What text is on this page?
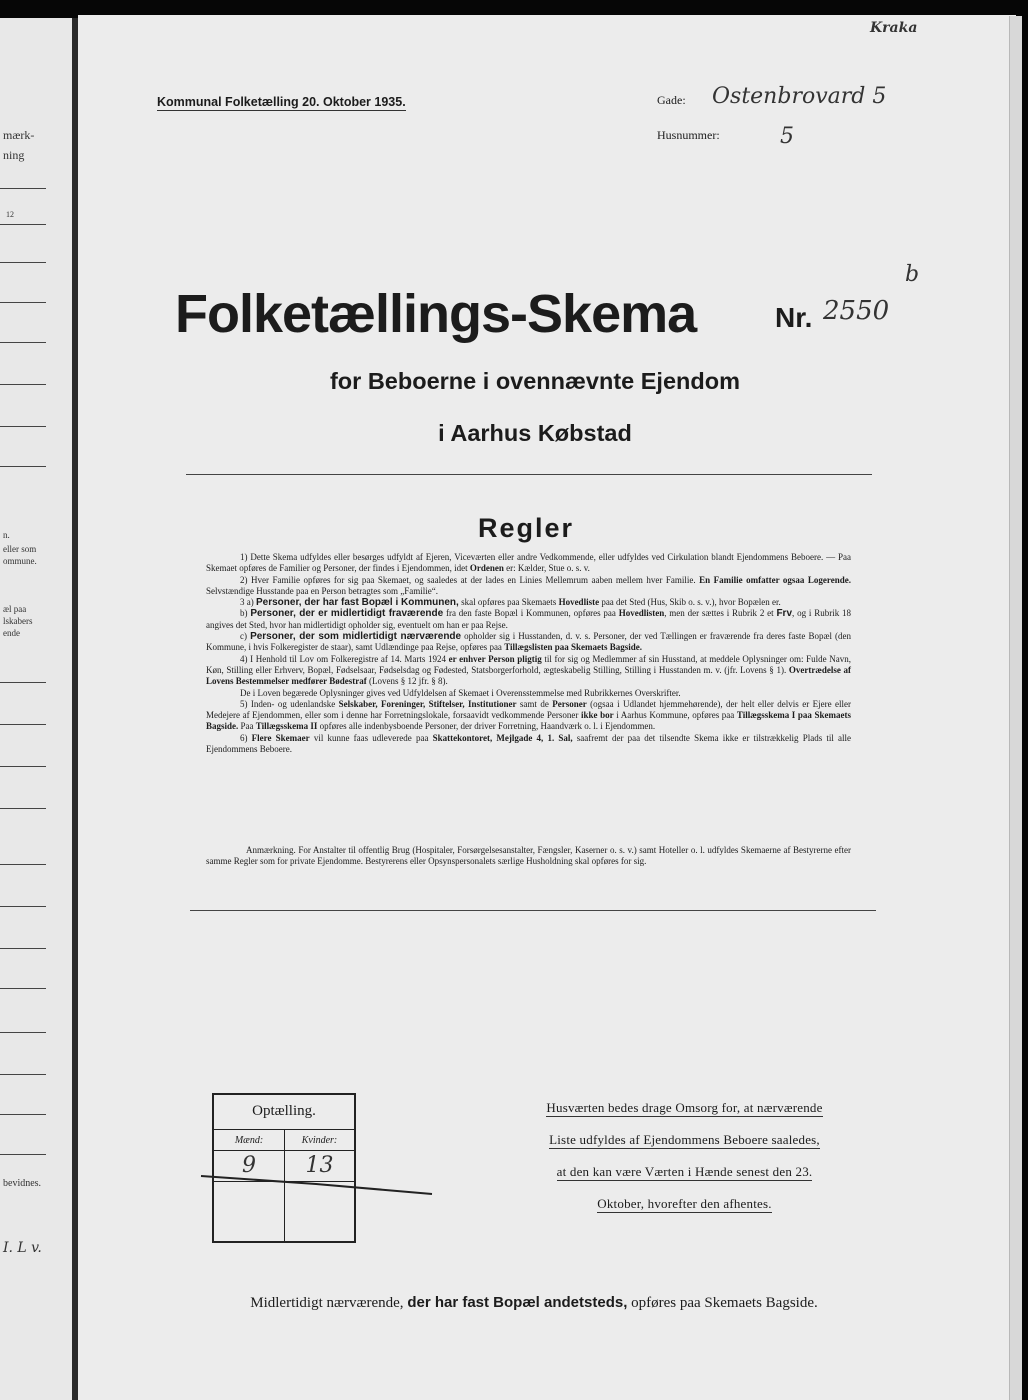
mærk-
ning
12
n.
eller som
ommune.
æl paa
lskabers
ende
bevidnes.
I. L v.
Kraka
Kommunal Folketælling 20. Oktober 1935.	Gade: Ostenbrovard 5
Husnummer:	5
Folketællings-Skema	Nr. 2550
b
for Beboerne i ovennævnte Ejendom
i Aarhus Købstad
Regler

1) Dette Skema udfyldes eller besørges udfyldt af Ejeren, Viceværten eller andre Vedkommende, eller udfyldes ved Cirkulation blandt Ejendommens Beboere. — Paa Skemaet opføres de Familier og Personer, der findes i Ejendommen, idet Ordenen er: Kælder, Stue o. s. v.

2) Hver Familie opføres for sig paa Skemaet, og saaledes at der lades en Linies Mellemrum aaben mellem hver Familie. En Familie omfatter ogsaa Logerende. Selvstændige Husstande paa en Person betragtes som „Familie“.

3 a) Personer, der har fast Bopæl i Kommunen, skal opføres paa Skemaets Hovedliste paa det Sted (Hus, Skib o. s. v.), hvor Bopælen er.

b) Personer, der er midlertidigt fraværende fra den faste Bopæl i Kommunen, opføres paa Hovedlisten, men der sættes i Rubrik 2 et Frv, og i Rubrik 18 angives det Sted, hvor han midlertidigt opholder sig, eventuelt om han er paa Rejse.

c) Personer, der som midlertidigt nærværende opholder sig i Husstanden, d. v. s. Personer, der ved Tællingen er fraværende fra deres faste Bopæl (den Kommune, i hvis Folkeregister de staar), samt Udlændinge paa Rejse, opføres paa Tillægslisten paa Skemaets Bagside.

4) I Henhold til Lov om Folkeregistre af 14. Marts 1924 er enhver Person pligtig til for sig og Medlemmer af sin Husstand, at meddele Oplysninger om: Fulde Navn, Køn, Stilling eller Erhverv, Bopæl, Fødselsaar, Fødselsdag og Fødested, Statsborgerforhold, ægteskabelig Stilling, Stilling i Husstanden m. v. (jfr. Lovens § 1). Overtrædelse af Lovens Bestemmelser medfører Bødestraf (Lovens § 12 jfr. § 8).

De i Loven begærede Oplysninger gives ved Udfyldelsen af Skemaet i Overensstemmelse med Rubrikkernes Overskrifter.

5) Inden- og udenlandske Selskaber, Foreninger, Stiftelser, Institutioner samt de Personer (ogsaa i Udlandet hjemmehørende), der helt eller delvis er Ejere eller Medejere af Ejendommen, eller som i denne har Forretningslokale, forsaavidt vedkommende Personer ikke bor i Aarhus Kommune, opføres paa Tillægsskema I paa Skemaets Bagside. Paa Tillægsskema II opføres alle indenbysboende Personer, der driver Forretning, Haandværk o. l. i Ejendommen.

6) Flere Skemaer vil kunne faas udleverede paa Skattekontoret, Mejlgade 4, 1. Sal, saafremt der paa det tilsendte Skema ikke er tilstrækkelig Plads til alle Ejendommens Beboere.

Anmærkning. For Anstalter til offentlig Brug (Hospitaler, Forsørgelsesanstalter, Fængsler, Kaserner o. s. v.) samt Hoteller o. l. udfyldes Skemaerne af Bestyrerne efter samme Regler som for private Ejendomme. Bestyrerens eller Opsynspersonalets særlige Husholdning skal opføres for sig.

Optælling.
Mænd:	Kvinder:
9	13
Husværten bedes drage Omsorg for, at nærværende Liste udfyldes af Ejendommens Beboere saaledes, at den kan være Værten i Hænde senest den 23. Oktober, hvorefter den afhentes.
Midlertidigt nærværende, der har fast Bopæl andetsteds, opføres paa Skemaets Bagside.
